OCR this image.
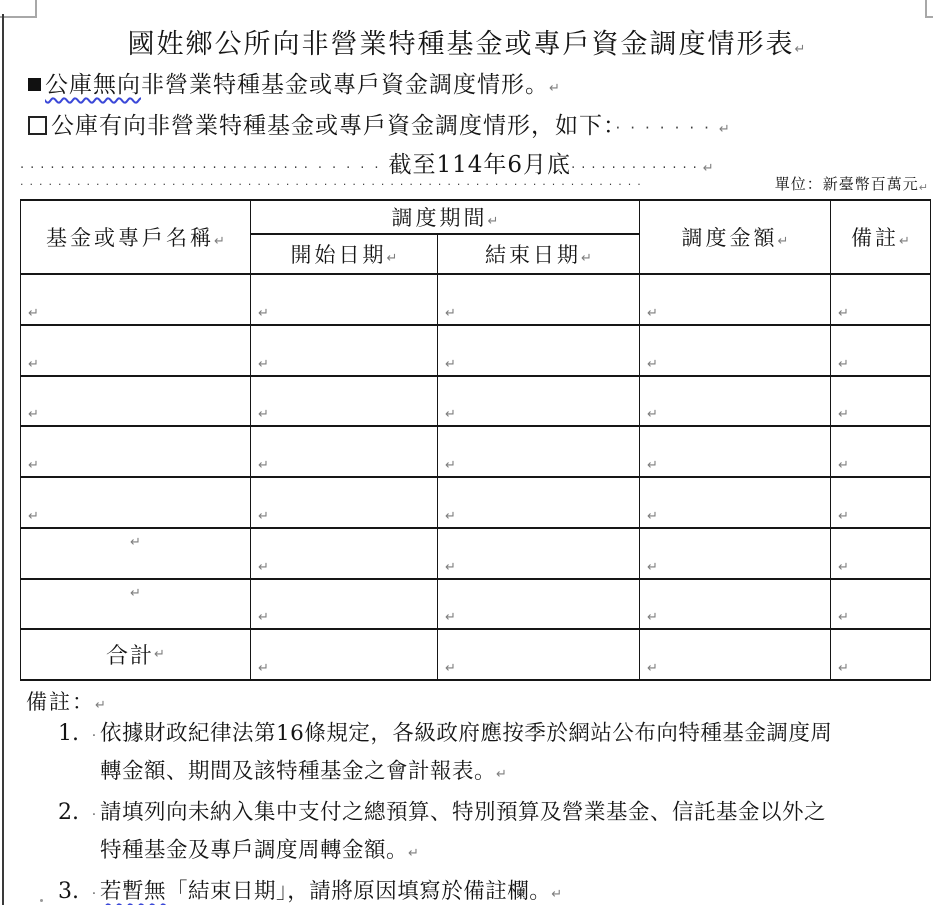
國姓鄉公所向非營業特種基金或專戶資金調度情形表↵
公庫無向非營業特種基金或專戶資金調度情形。↵
公庫有向非營業特種基金或專戶資金調度情形，如下：·······↵
··································截至114年6月底·············↵
··································································	單位：新臺幣百萬元 ↵
基金或專戶名稱↵	調度期間↵		調度金額↵	備註↵

	開始日期↵	結束日期↵		

↵	↵	↵	↵	↵

↵	↵	↵	↵	↵

↵	↵	↵	↵	↵

↵	↵	↵	↵	↵

↵	↵	↵	↵	↵

↵	↵	↵	↵	↵

↵	↵	↵	↵	↵

合計 ↵	↵	↵	↵	↵
備註：↵
1. · 依據財政紀律法第16條規定，各級政府應按季於網站公布向特種基金調度周
轉金額、期間及該特種基金之會計報表。↵
2. · 請填列向未納入集中支付之總預算、特別預算及營業基金、信託基金以外之
特種基金及專戶調度周轉金額。↵
3. · 若暫無「結束日期」，請將原因填寫於備註欄。↵
